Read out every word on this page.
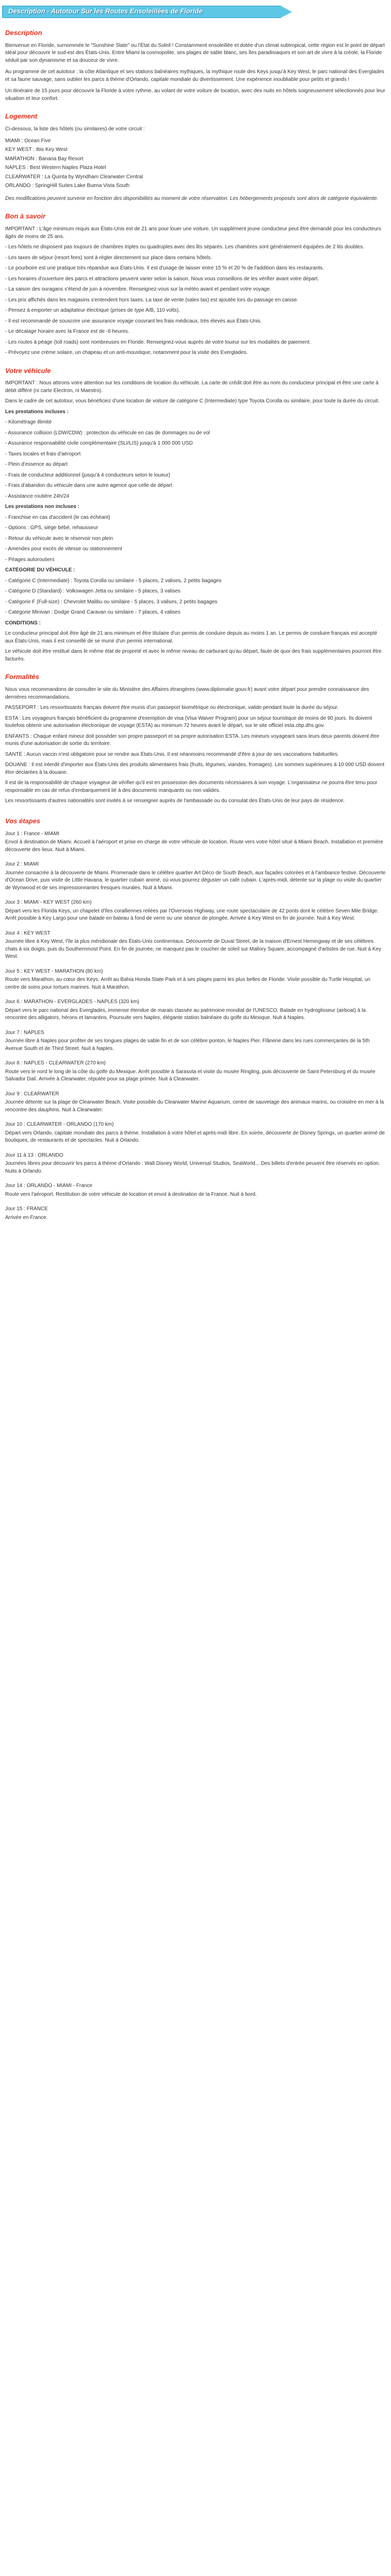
Description - Autotour Sur les Routes Ensoleillées de Floride
Description

Bienvenue en Floride, surnommée le "Sunshine State" ou l'État du Soleil ! Constamment ensoleillée et dotée d'un climat subtropical, cette région est le point de départ idéal pour découvrir le sud-est des États-Unis. Entre Miami la cosmopolite, ses plages de sable blanc, ses îles paradisiaques et son art de vivre à la créole, la Floride séduit par son dynamisme et sa douceur de vivre.

Au programme de cet autotour : la côte Atlantique et ses stations balnéaires mythiques, la mythique route des Keys jusqu'à Key West, le parc national des Everglades et sa faune sauvage, sans oublier les parcs à thème d'Orlando, capitale mondiale du divertissement. Une expérience inoubliable pour petits et grands !

Un itinéraire de 15 jours pour découvrir la Floride à votre rythme, au volant de votre voiture de location, avec des nuits en hôtels soigneusement sélectionnés pour leur situation et leur confort.

Logement

Ci-dessous, la liste des hôtels (ou similaires) de votre circuit :

MIAMI : Ocean Five
KEY WEST : Ibis Key West
MARATHON : Banana Bay Resort
NAPLES : Best Western Naples Plaza Hotel
CLEARWATER : La Quinta by Wyndham Clearwater Central
ORLANDO : SpringHill Suites Lake Buena Vista South

Des modifications peuvent survenir en fonction des disponibilités au moment de votre réservation. Les hébergements proposés sont alors de catégorie équivalente.

Bon à savoir

IMPORTANT : L'âge minimum requis aux États-Unis est de 21 ans pour louer une voiture. Un supplément jeune conducteur peut être demandé pour les conducteurs âgés de moins de 25 ans.

- Les hôtels ne disposent pas toujours de chambres triples ou quadruples avec des lits séparés. Les chambres sont généralement équipées de 2 lits doubles.

- Les taxes de séjour (resort fees) sont à régler directement sur place dans certains hôtels.

- Le pourboire est une pratique très répandue aux États-Unis. Il est d'usage de laisser entre 15 % et 20 % de l'addition dans les restaurants.

- Les horaires d'ouverture des parcs et attractions peuvent varier selon la saison. Nous vous conseillons de les vérifier avant votre départ.

- La saison des ouragans s'étend de juin à novembre. Renseignez-vous sur la météo avant et pendant votre voyage.

- Les prix affichés dans les magasins s'entendent hors taxes. La taxe de vente (sales tax) est ajoutée lors du passage en caisse.

- Pensez à emporter un adaptateur électrique (prises de type A/B, 110 volts).

- Il est recommandé de souscrire une assurance voyage couvrant les frais médicaux, très élevés aux États-Unis.

- Le décalage horaire avec la France est de -6 heures.

- Les routes à péage (toll roads) sont nombreuses en Floride. Renseignez-vous auprès de votre loueur sur les modalités de paiement.

- Prévoyez une crème solaire, un chapeau et un anti-moustique, notamment pour la visite des Everglades.

Votre véhicule

IMPORTANT : Nous attirons votre attention sur les conditions de location du véhicule. La carte de crédit doit être au nom du conducteur principal et être une carte à débit différé (ni carte Electron, ni Maestro).

Dans le cadre de cet autotour, vous bénéficiez d'une location de voiture de catégorie C (Intermediate) type Toyota Corolla ou similaire, pour toute la durée du circuit.

Les prestations incluses :

- Kilométrage illimité

- Assurance collision (LDW/CDW) : protection du véhicule en cas de dommages ou de vol

- Assurance responsabilité civile complémentaire (SLI/LIS) jusqu'à 1 000 000 USD

- Taxes locales et frais d'aéroport

- Plein d'essence au départ

- Frais de conducteur additionnel (jusqu'à 4 conducteurs selon le loueur)

- Frais d'abandon du véhicule dans une autre agence que celle de départ

- Assistance routière 24h/24

Les prestations non incluses :

- Franchise en cas d'accident (le cas échéant)

- Options : GPS, siège bébé, rehausseur

- Retour du véhicule avec le réservoir non plein

- Amendes pour excès de vitesse ou stationnement

- Péages autoroutiers

CATÉGORIE DU VÉHICULE :

- Catégorie C (Intermediate) : Toyota Corolla ou similaire - 5 places, 2 valises, 2 petits bagages

- Catégorie D (Standard) : Volkswagen Jetta ou similaire - 5 places, 3 valises

- Catégorie F (Full-size) : Chevrolet Malibu ou similaire - 5 places, 3 valises, 2 petits bagages

- Catégorie Minivan : Dodge Grand Caravan ou similaire - 7 places, 4 valises

CONDITIONS :

Le conducteur principal doit être âgé de 21 ans minimum et être titulaire d'un permis de conduire depuis au moins 1 an. Le permis de conduire français est accepté aux États-Unis, mais il est conseillé de se munir d'un permis international.

Le véhicule doit être restitué dans le même état de propreté et avec le même niveau de carburant qu'au départ, faute de quoi des frais supplémentaires pourront être facturés.

Formalités

Nous vous recommandons de consulter le site du Ministère des Affaires étrangères (www.diplomatie.gouv.fr) avant votre départ pour prendre connaissance des dernières recommandations.

PASSEPORT : Les ressortissants français doivent être munis d'un passeport biométrique ou électronique, valide pendant toute la durée du séjour.

ESTA : Les voyageurs français bénéficient du programme d'exemption de visa (Visa Waiver Program) pour un séjour touristique de moins de 90 jours. Ils doivent toutefois obtenir une autorisation électronique de voyage (ESTA) au minimum 72 heures avant le départ, sur le site officiel esta.cbp.dhs.gov.

ENFANTS : Chaque enfant mineur doit posséder son propre passeport et sa propre autorisation ESTA. Les mineurs voyageant sans leurs deux parents doivent être munis d'une autorisation de sortie du territoire.

SANTÉ : Aucun vaccin n'est obligatoire pour se rendre aux États-Unis. Il est néanmoins recommandé d'être à jour de ses vaccinations habituelles.

DOUANE : Il est interdit d'importer aux États-Unis des produits alimentaires frais (fruits, légumes, viandes, fromages). Les sommes supérieures à 10 000 USD doivent être déclarées à la douane.

Il est de la responsabilité de chaque voyageur de vérifier qu'il est en possession des documents nécessaires à son voyage. L'organisateur ne pourra être tenu pour responsable en cas de refus d'embarquement lié à des documents manquants ou non valides.

Les ressortissants d'autres nationalités sont invités à se renseigner auprès de l'ambassade ou du consulat des États-Unis de leur pays de résidence.

Vos étapes

Jour 1 : France - MIAMI

Envol à destination de Miami. Accueil à l'aéroport et prise en charge de votre véhicule de location. Route vers votre hôtel situé à Miami Beach. Installation et première découverte des lieux. Nuit à Miami.

Jour 2 : MIAMI

Journée consacrée à la découverte de Miami. Promenade dans le célèbre quartier Art Déco de South Beach, aux façades colorées et à l'ambiance festive. Découverte d'Ocean Drive, puis visite de Little Havana, le quartier cubain animé, où vous pourrez déguster un café cubain. L'après-midi, détente sur la plage ou visite du quartier de Wynwood et de ses impressionnantes fresques murales. Nuit à Miami.

Jour 3 : MIAMI - KEY WEST (260 km)

Départ vers les Florida Keys, un chapelet d'îles coralliennes reliées par l'Overseas Highway, une route spectaculaire de 42 ponts dont le célèbre Seven Mile Bridge. Arrêt possible à Key Largo pour une balade en bateau à fond de verre ou une séance de plongée. Arrivée à Key West en fin de journée. Nuit à Key West.

Jour 4 : KEY WEST

Journée libre à Key West, l'île la plus méridionale des États-Unis continentaux. Découverte de Duval Street, de la maison d'Ernest Hemingway et de ses célèbres chats à six doigts, puis du Southernmost Point. En fin de journée, ne manquez pas le coucher de soleil sur Mallory Square, accompagné d'artistes de rue. Nuit à Key West.

Jour 5 : KEY WEST - MARATHON (80 km)

Route vers Marathon, au cœur des Keys. Arrêt au Bahia Honda State Park et à ses plages parmi les plus belles de Floride. Visite possible du Turtle Hospital, un centre de soins pour tortues marines. Nuit à Marathon.

Jour 6 : MARATHON - EVERGLADES - NAPLES (320 km)

Départ vers le parc national des Everglades, immense étendue de marais classée au patrimoine mondial de l'UNESCO. Balade en hydroglisseur (airboat) à la rencontre des alligators, hérons et lamantins. Poursuite vers Naples, élégante station balnéaire du golfe du Mexique. Nuit à Naples.

Jour 7 : NAPLES

Journée libre à Naples pour profiter de ses longues plages de sable fin et de son célèbre ponton, le Naples Pier. Flânerie dans les rues commerçantes de la 5th Avenue South et de Third Street. Nuit à Naples.

Jour 8 : NAPLES - CLEARWATER (270 km)

Route vers le nord le long de la côte du golfe du Mexique. Arrêt possible à Sarasota et visite du musée Ringling, puis découverte de Saint Petersburg et du musée Salvador Dalí. Arrivée à Clearwater, réputée pour sa plage primée. Nuit à Clearwater.

Jour 9 : CLEARWATER

Journée détente sur la plage de Clearwater Beach. Visite possible du Clearwater Marine Aquarium, centre de sauvetage des animaux marins, ou croisière en mer à la rencontre des dauphins. Nuit à Clearwater.

Jour 10 : CLEARWATER - ORLANDO (170 km)

Départ vers Orlando, capitale mondiale des parcs à thème. Installation à votre hôtel et après-midi libre. En soirée, découverte de Disney Springs, un quartier animé de boutiques, de restaurants et de spectacles. Nuit à Orlando.

Jour 11 à 13 : ORLANDO

Journées libres pour découvrir les parcs à thème d'Orlando : Walt Disney World, Universal Studios, SeaWorld... Des billets d'entrée peuvent être réservés en option. Nuits à Orlando.

Jour 14 : ORLANDO - MIAMI - France

Route vers l'aéroport. Restitution de votre véhicule de location et envol à destination de la France. Nuit à bord.

Jour 15 : FRANCE

Arrivée en France.
